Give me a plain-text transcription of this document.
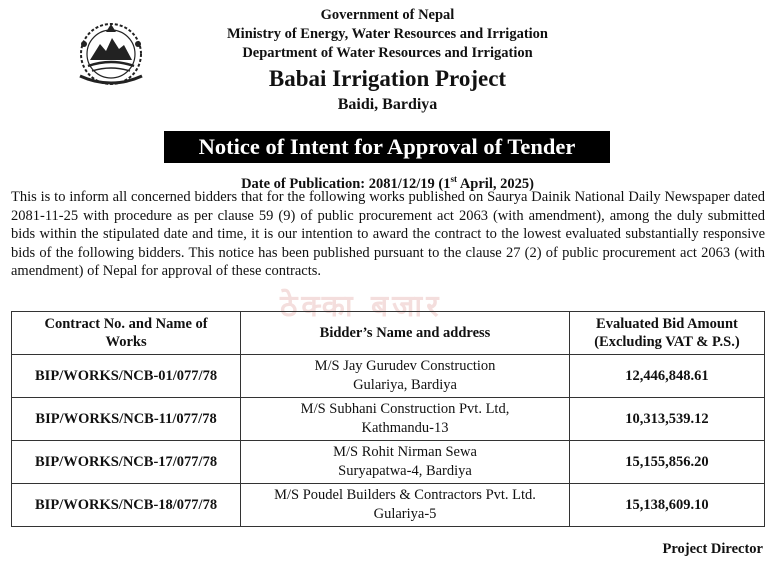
Government of Nepal
Ministry of Energy, Water Resources and Irrigation
Department of Water Resources and Irrigation
Babai Irrigation Project
Baidi, Bardiya
Notice of Intent for Approval of Tender
Date of Publication: 2081/12/19 (1st April, 2025)
This is to inform all concerned bidders that for the following works published on Saurya Dainik National Daily Newspaper dated 2081-11-25 with procedure as per clause 59 (9) of public procurement act 2063 (with amendment), among the duly submitted bids within the stipulated date and time, it is our intention to award the contract to the lowest evaluated substantially responsive bids of the following bidders. This notice has been published pursuant to the clause 27 (2) of public procurement act 2063 (with amendment) of Nepal for approval of these contracts.
ठेक्का बजार
Contract No. and Name of
Works	Bidder’s Name and address	Evaluated Bid Amount
(Excluding VAT & P.S.)
BIP/WORKS/NCB-01/077/78	M/S Jay Gurudev Construction
Gulariya, Bardiya	12,446,848.61
BIP/WORKS/NCB-11/077/78	M/S Subhani Construction Pvt. Ltd,
Kathmandu-13	10,313,539.12
BIP/WORKS/NCB-17/077/78	M/S Rohit Nirman Sewa
Suryapatwa-4, Bardiya	15,155,856.20
BIP/WORKS/NCB-18/077/78	M/S Poudel Builders & Contractors Pvt. Ltd.
Gulariya-5	15,138,609.10
Project Director
